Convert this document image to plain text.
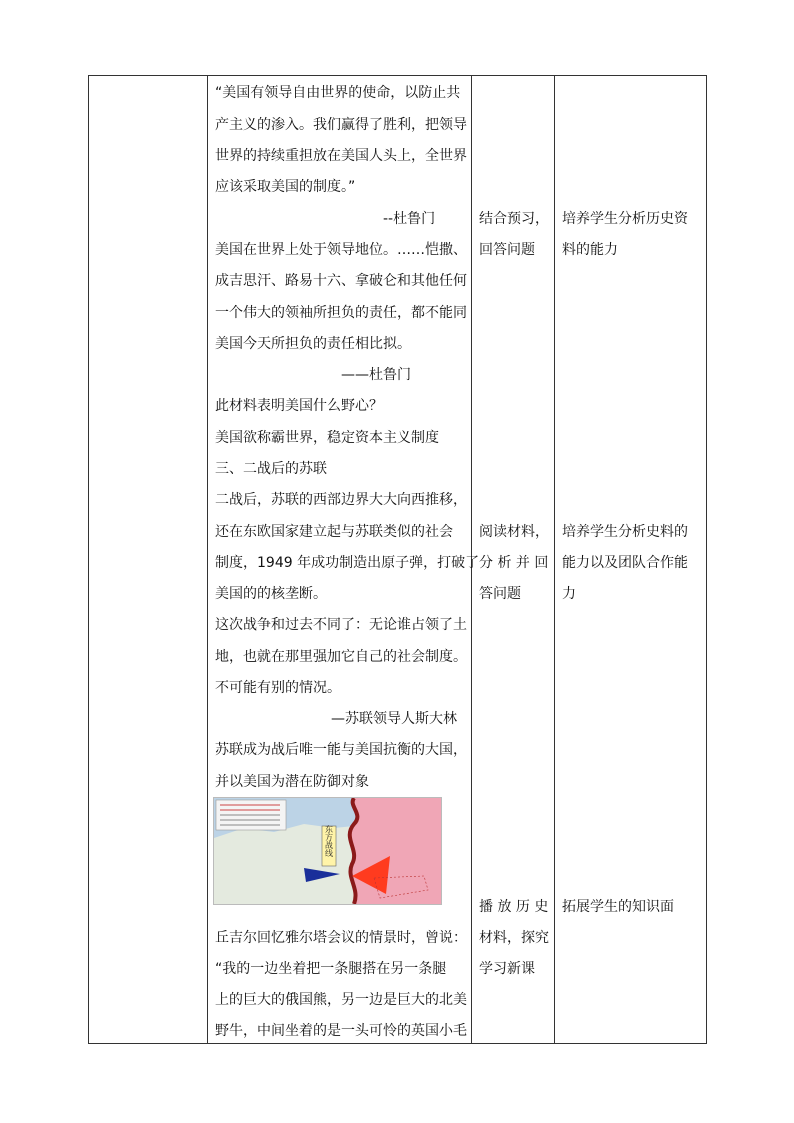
“美国有领导自由世界的使命，以防止共
产主义的渗入。我们赢得了胜利，把领导
世界的持续重担放在美国人头上，全世界
应该采取美国的制度。”
--杜鲁门
美国在世界上处于领导地位。……恺撒、
成吉思汗、路易十六、拿破仑和其他任何
一个伟大的领袖所担负的责任，都不能同
美国今天所担负的责任相比拟。
——杜鲁门
此材料表明美国什么野心？
美国欲称霸世界，稳定资本主义制度
三、二战后的苏联
二战后，苏联的西部边界大大向西推移，
还在东欧国家建立起与苏联类似的社会
制度，1949 年成功制造出原子弹，打破了
美国的的核垄断。
这次战争和过去不同了：无论谁占领了土
地，也就在那里强加它自己的社会制度。
不可能有别的情况。
—苏联领导人斯大林
苏联成为战后唯一能与美国抗衡的大国，
并以美国为潜在防御对象
丘吉尔回忆雅尔塔会议的情景时，曾说：
“我的一边坐着把一条腿搭在另一条腿
上的巨大的俄国熊，另一边是巨大的北美
野牛，中间坐着的是一头可怜的英国小毛
东方战线
结合预习，
回答问题
阅读材料，
分 析 并 回
答问题
播 放 历 史
材料，探究
学习新课
培养学生分析历史资
料的能力
培养学生分析史料的
能力以及团队合作能
力
拓展学生的知识面
